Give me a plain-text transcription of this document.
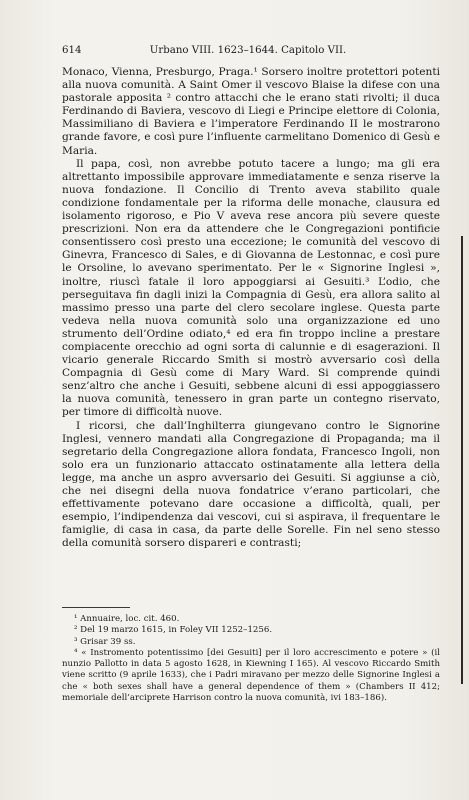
614	Urbano VIII. 1623–1644. Capitolo VII.

Monaco, Vienna, Presburgo, Praga.¹ Sorsero inoltre protettori potenti alla nuova comunità. A Saint Omer il vescovo Blaise la difese con una pastorale apposita ² contro attacchi che le erano stati rivolti; il duca Ferdinando di Baviera, vescovo di Liegi e Principe elettore di Colonia, Massimiliano di Baviera e l’imperatore Ferdinando II le mostrarono grande favore, e così pure l’influente carmelitano Domenico di Gesù e Maria.

Il papa, così, non avrebbe potuto tacere a lungo; ma gli era altrettanto impossibile approvare immediatamente e senza riserve la nuova fondazione. Il Concilio di Trento aveva stabilito quale condizione fondamentale per la riforma delle monache, clausura ed isolamento rigoroso, e Pio V aveva rese ancora più severe queste prescrizioni. Non era da attendere che le Congregazioni pontificie consentissero così presto una eccezione; le comunità del vescovo di Ginevra, Francesco di Sales, e di Giovanna de Lestonnac, e così pure le Orsoline, lo avevano sperimentato. Per le « Signorine Inglesi », inoltre, riuscì fatale il loro appoggiarsi ai Gesuiti.³ L’odio, che perseguitava fin dagli inizi la Compagnia di Gesù, era allora salito al massimo presso una parte del clero secolare inglese. Questa parte vedeva nella nuova comunità solo una organizzazione ed uno strumento dell’Ordine odiato,⁴ ed era fin troppo incline a prestare compiacente orecchio ad ogni sorta di calunnie e di esagerazioni. Il vicario generale Riccardo Smith si mostrò avversario così della Compagnia di Gesù come di Mary Ward. Si comprende quindi senz’altro che anche i Gesuiti, sebbene alcuni di essi appoggiassero la nuova comunità, tenessero in gran parte un contegno riservato, per timore di difficoltà nuove.

I ricorsi, che dall’Inghilterra giungevano contro le Signorine Inglesi, vennero mandati alla Congregazione di Propaganda; ma il segretario della Congregazione allora fondata, Francesco Ingoli, non solo era un funzionario attaccato ostinatamente alla lettera della legge, ma anche un aspro avversario dei Gesuiti. Si aggiunse a ciò, che nei disegni della nuova fondatrice v’erano particolari, che effettivamente potevano dare occasione a difficoltà, quali, per esempio, l’indipendenza dai vescovi, cui si aspirava, il frequentare le famiglie, di casa in casa, da parte delle Sorelle. Fin nel seno stesso della comunità sorsero dispareri e contrasti;

¹ Annuaire, loc. cit. 460.

² Del 19 marzo 1615, in Foley VII 1252–1256.

³ Grisar 39 ss.

⁴ « Instromento potentissimo [dei Gesuiti] per il loro accrescimento e potere » (il nunzio Pallotto in data 5 agosto 1628, in Kiewning I 165). Al vescovo Riccardo Smith viene scritto (9 aprile 1633), che i Padri miravano per mezzo delle Signorine Inglesi a che « both sexes shall have a general dependence of them » (Chambers II 412; memoriale dell’arciprete Harrison contro la nuova comunità, ivi 183–186).
